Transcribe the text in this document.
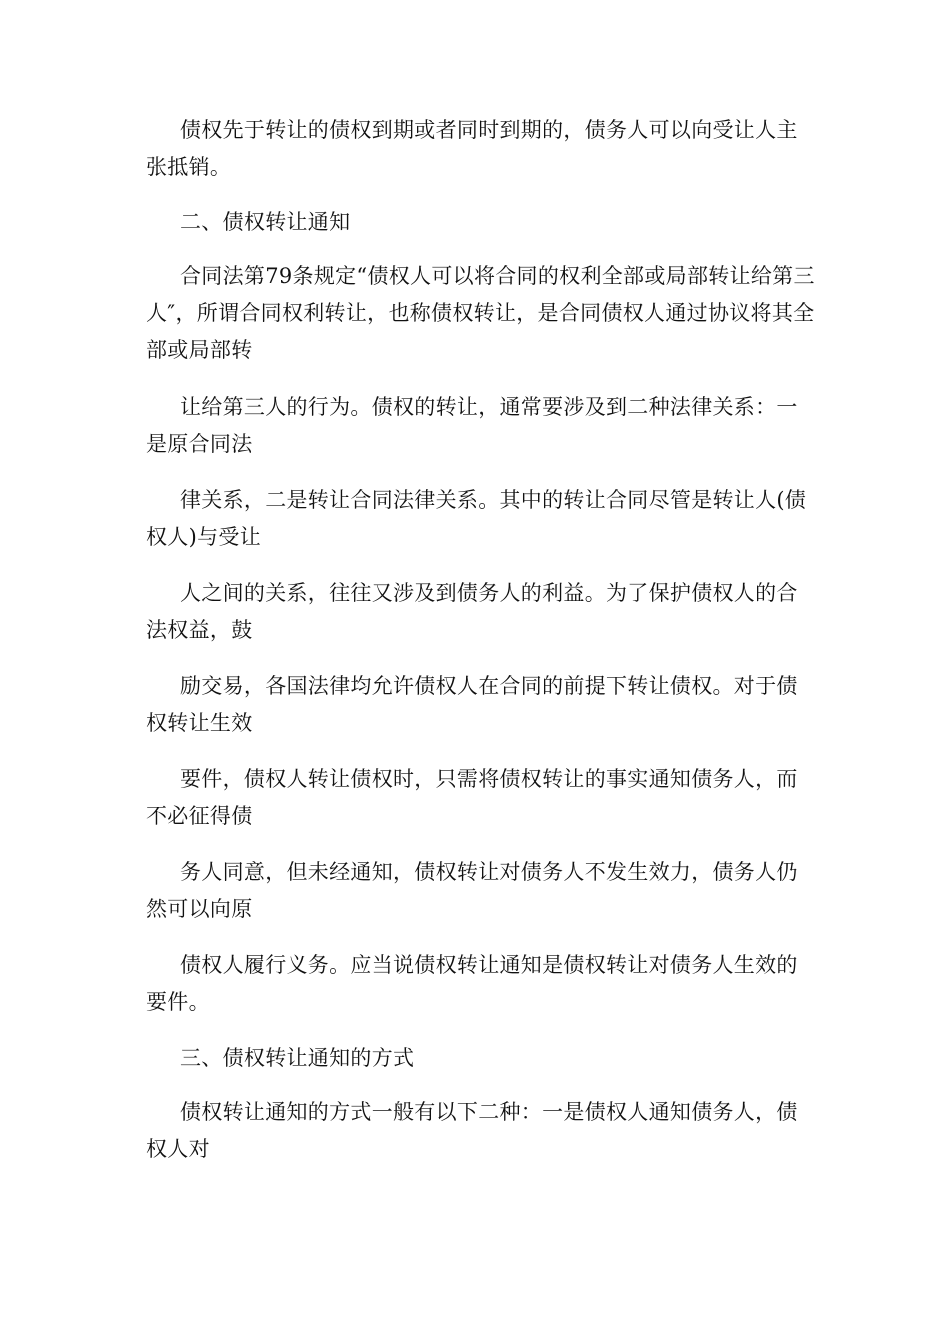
债权先于转让的债权到期或者同时到期的，债务人可以向受让人主张抵销。

二、债权转让通知

合同法第79条规定“债权人可以将合同的权利全部或局部转让给第三人″，所谓合同权利转让，也称债权转让，是合同债权人通过协议将其全部或局部转

让给第三人的行为。债权的转让，通常要涉及到二种法律关系：一是原合同法

律关系，二是转让合同法律关系。其中的转让合同尽管是转让人(债权人)与受让

人之间的关系，往往又涉及到债务人的利益。为了保护债权人的合法权益，鼓

励交易，各国法律均允许债权人在合同的前提下转让债权。对于债权转让生效

要件，债权人转让债权时，只需将债权转让的事实通知债务人，而不必征得债

务人同意，但未经通知，债权转让对债务人不发生效力，债务人仍然可以向原

债权人履行义务。应当说债权转让通知是债权转让对债务人生效的要件。

三、债权转让通知的方式

债权转让通知的方式一般有以下二种：一是债权人通知债务人，债权人对
